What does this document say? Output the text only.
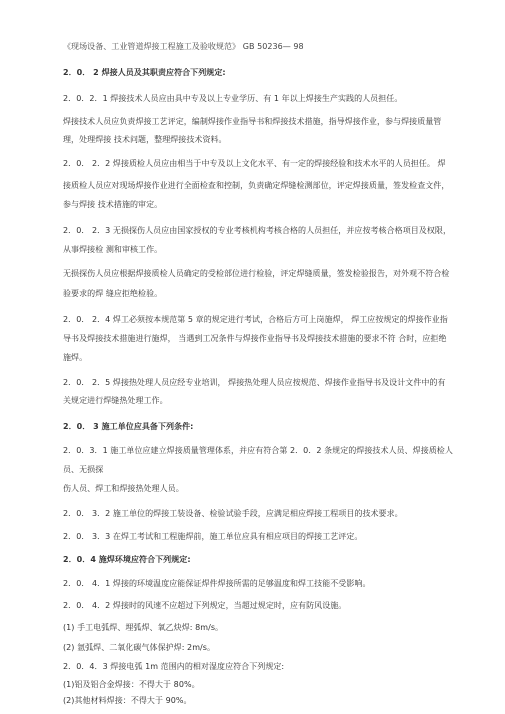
《现场设备、工业管道焊接工程施工及验收规范》 GB 50236— 98
2．0． 2 焊接人员及其职责应符合下列规定:
2．0．2．1 焊接技术人员应由具中专及以上专业学历、有 1 年以上焊接生产实践的人员担任。
焊接技术人员应负责焊接工艺评定，编制焊接作业指导书和焊接技术措施，指导焊接作业，参与焊接质量管
理，处理焊接 技术问题，整理焊接技术资料。
2．0． 2．2 焊接质检人员应由相当于中专及以上文化水平、有一定的焊接经验和技术水平的人员担任。 焊
接质检人员应对现场焊接作业进行全面检查和控制，负责确定焊缝检测部位，评定焊接质量，签发检查文件，
参与焊接 技术措施的审定。
2．0． 2．3 无损探伤人员应由国家授权的专业考核机构考核合格的人员担任，并应按考核合格项目及权限，
从事焊接检 测和审核工作。
无损探伤人员应根据焊接质检人员确定的受检部位进行检验，评定焊缝质量，签发检验报告，对外观不符合检
验要求的焊 缝应拒绝检验。
2．0． 2．4 焊工必须按本规范第 5 章的规定进行考试，合格后方可上岗施焊， 焊工应按规定的焊接作业指
导书及焊接技术措施进行施焊， 当遇到工况条件与焊接作业指导书及焊接技术措施的要求不符 合时，应拒绝
施焊。
2．0． 2．5 焊接热处理人员应经专业培训， 焊接热处理人员应按规范、焊接作业指导书及设计文件中的有
关规定进行焊缝热处理工作。
2．0． 3 施工单位应具备下列条件:
2．0．3．1 施工单位应建立焊接质量管理体系，并应有符合第 2．0．2 条规定的焊接技术人员、焊接质检人
员、无损探
伤人员、焊工和焊接热处理人员。
2．0． 3．2 施工单位的焊接工装设备、检验试验手段，应满足相应焊接工程项目的技术要求。
2．0． 3．3 在焊工考试和工程施焊前，施工单位应具有相应项目的焊接工艺评定。
2．0．4 施焊环境应符合下列规定:
2．0． 4．1 焊接的环境温度应能保证焊件焊接所需的足够温度和焊工技能不受影响。
2．0． 4．2 焊接时的风速不应超过下列规定，当超过规定时，应有防风设施。
(1) 手工电弧焊、埋弧焊、氧乙炔焊: 8m/s。
(2) 氩弧焊、二氧化碳气体保护焊: 2m/s。
2．0．4．3 焊接电弧 1m 范围内的相对湿度应符合下列规定:
(1)铝及铝合金焊接：不得大于 80%。
(2)其他材料焊接：不得大于 90%。
